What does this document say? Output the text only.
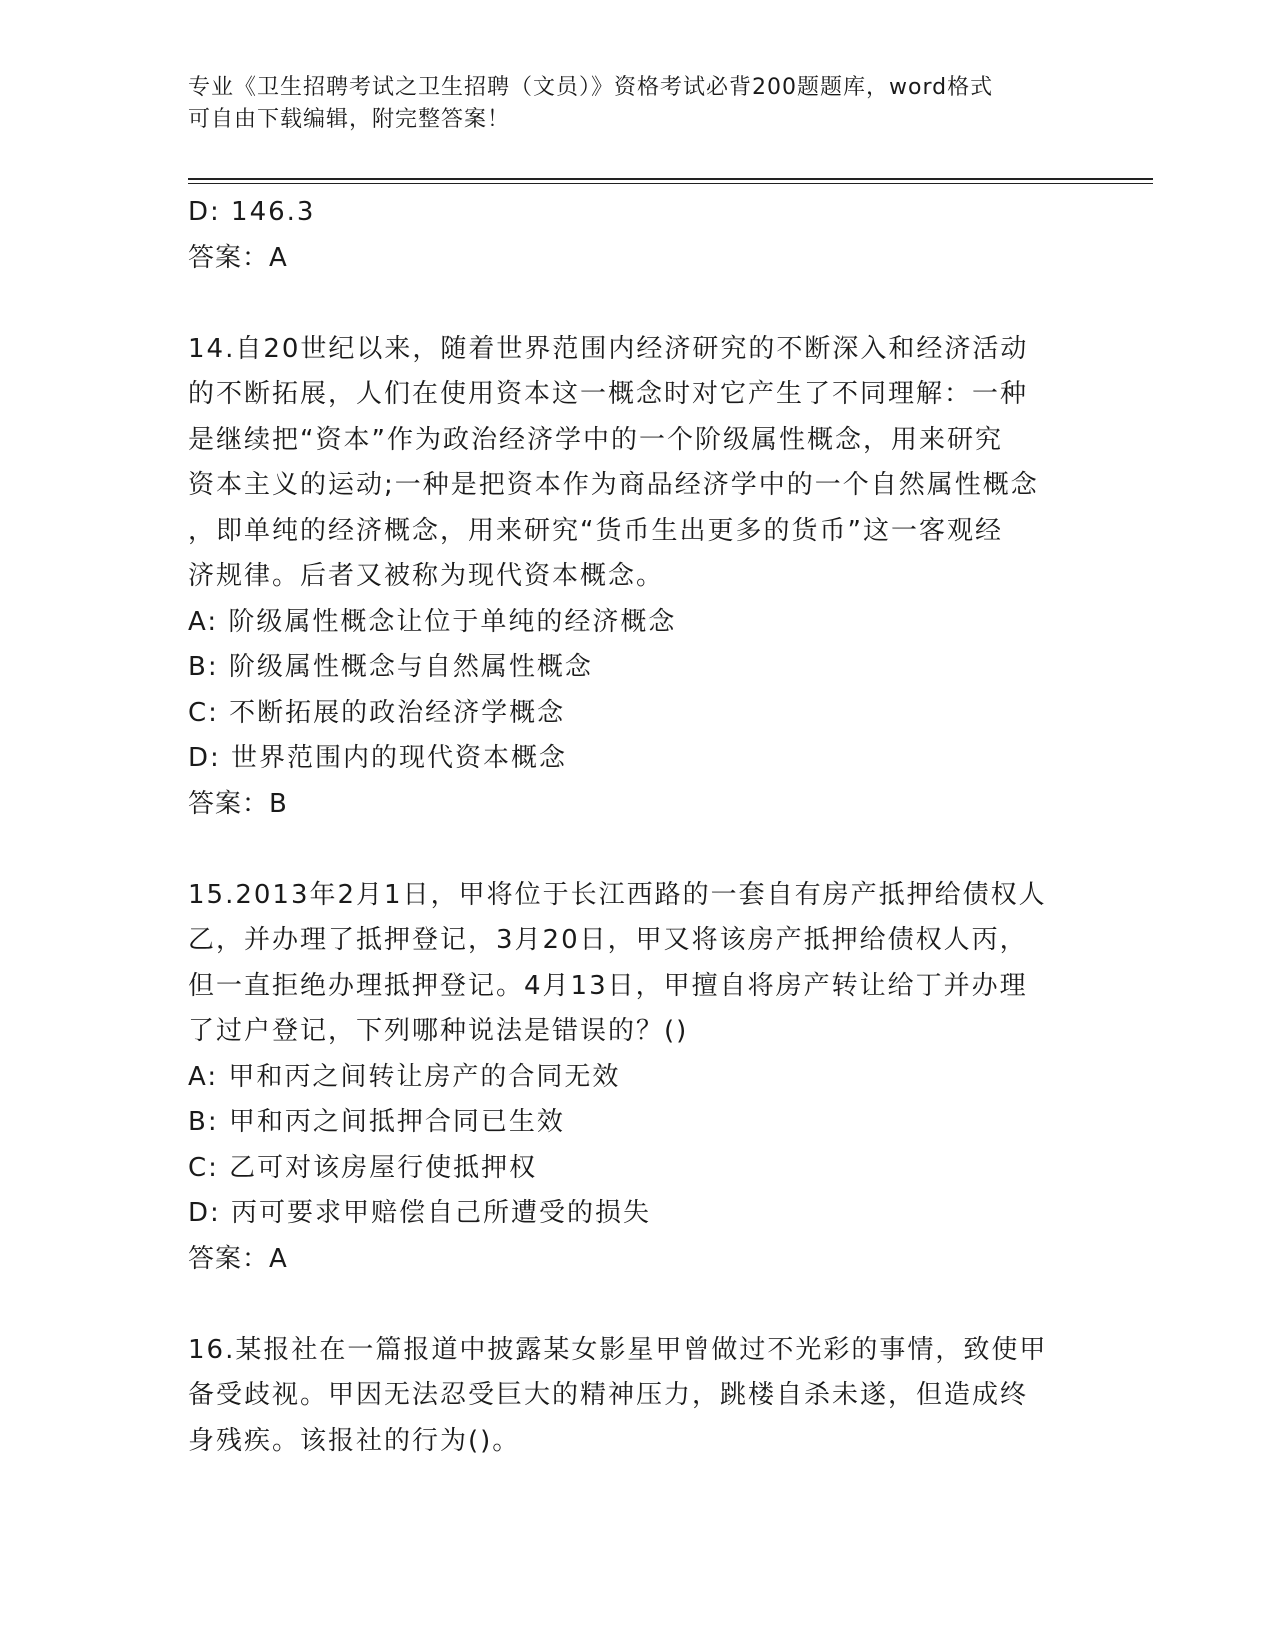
专业《卫生招聘考试之卫生招聘（文员）》资格考试必背200题题库，word格式
可自由下载编辑，附完整答案！
D: 146.3
答案：A
14.自20世纪以来，随着世界范围内经济研究的不断深入和经济活动
的不断拓展，人们在使用资本这一概念时对它产生了不同理解：一种
是继续把“资本”作为政治经济学中的一个阶级属性概念，用来研究
资本主义的运动;一种是把资本作为商品经济学中的一个自然属性概念
，即单纯的经济概念，用来研究“货币生出更多的货币”这一客观经
济规律。后者又被称为现代资本概念。
A: 阶级属性概念让位于单纯的经济概念
B: 阶级属性概念与自然属性概念
C: 不断拓展的政治经济学概念
D: 世界范围内的现代资本概念
答案：B
15.2013年2月1日，甲将位于长江西路的一套自有房产抵押给债权人
乙，并办理了抵押登记，3月20日，甲又将该房产抵押给债权人丙，
但一直拒绝办理抵押登记。4月13日，甲擅自将房产转让给丁并办理
了过户登记，下列哪种说法是错误的？()
A: 甲和丙之间转让房产的合同无效
B: 甲和丙之间抵押合同已生效
C: 乙可对该房屋行使抵押权
D: 丙可要求甲赔偿自己所遭受的损失
答案：A
16.某报社在一篇报道中披露某女影星甲曾做过不光彩的事情，致使甲
备受歧视。甲因无法忍受巨大的精神压力，跳楼自杀未遂，但造成终
身残疾。该报社的行为()。
